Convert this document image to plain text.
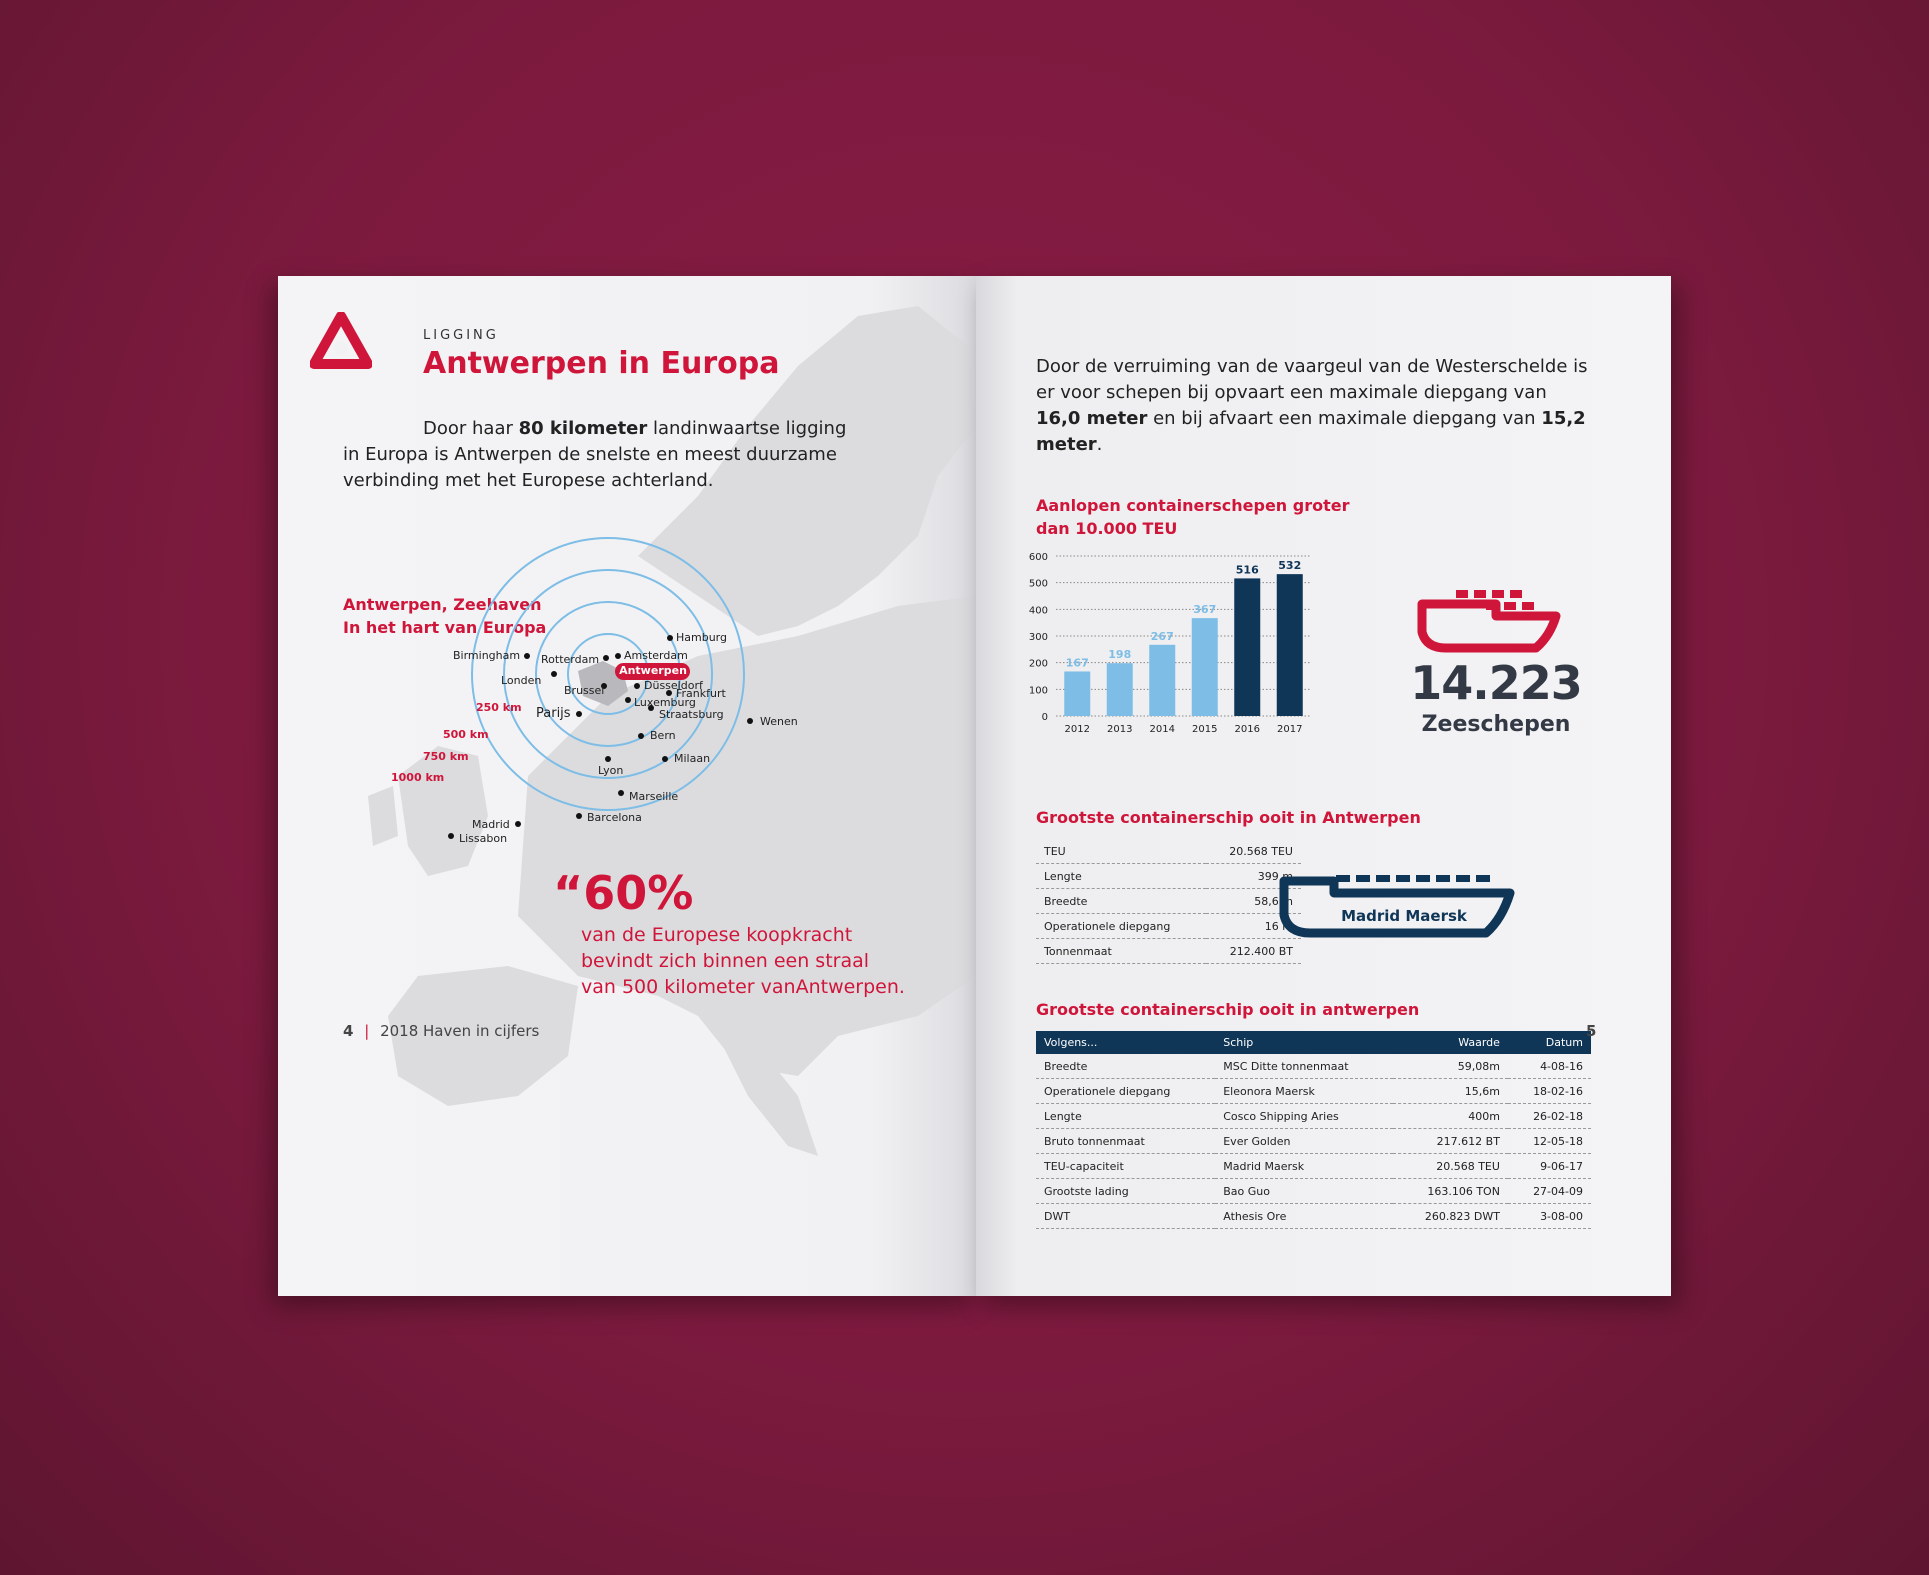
LIGGING
Antwerpen in Europa
Door haar 80 kilometer landinwaartse ligging in Europa is Antwerpen de snelste en meest duurzame verbinding met het Europese achterland.
Antwerpen, Zeehaven
In het hart van Europa
Antwerpen
250 km
500 km
750 km
1000 km
Hamburg
Birmingham Rotterdam Amsterdam
Londen
Brussel	Düsseldorf
Frankfurt
Luxemburg
Straatsburg
Parijs
Bern
Wenen
Lyon
Milaan
Marseille
Madrid
Barcelona
Lissabon
“60%
van de Europese koopkracht
bevindt zich binnen een straal
van 500 kilometer vanAntwerpen.
4 | 2018 Haven in cijfers
Door de verruiming van de vaargeul van de Westerschelde is er voor schepen bij opvaart een maximale diepgang van 16,0 meter en bij afvaart een maximale diepgang van 15,2 meter.
Aanlopen containerschepen groter
dan 10.000 TEU
0
100
200
300
400
500
600
167
2012
198
2013
267
2014
367
2015
516
2016
532
2017
14.223
Zeeschepen
Grootste containerschip ooit in Antwerpen
TEU	20.568 TEU
Lengte	399 m
Breedte	58,6 m
Operationele diepgang	16 m
Tonnenmaat	212.400 BT
Madrid Maersk
Grootste containerschip ooit in antwerpen
Volgens...	Schip	Waarde	Datum
Breedte	MSC Ditte tonnenmaat	59,08m	4-08-16
Operationele diepgang	Eleonora Maersk	15,6m	18-02-16
Lengte	Cosco Shipping Aries	400m	26-02-18
Bruto tonnenmaat	Ever Golden	217.612 BT	12-05-18
TEU-capaciteit	Madrid Maersk	20.568 TEU	9-06-17
Grootste lading	Bao Guo	163.106 TON	27-04-09
DWT	Athesis Ore	260.823 DWT	3-08-00
5
